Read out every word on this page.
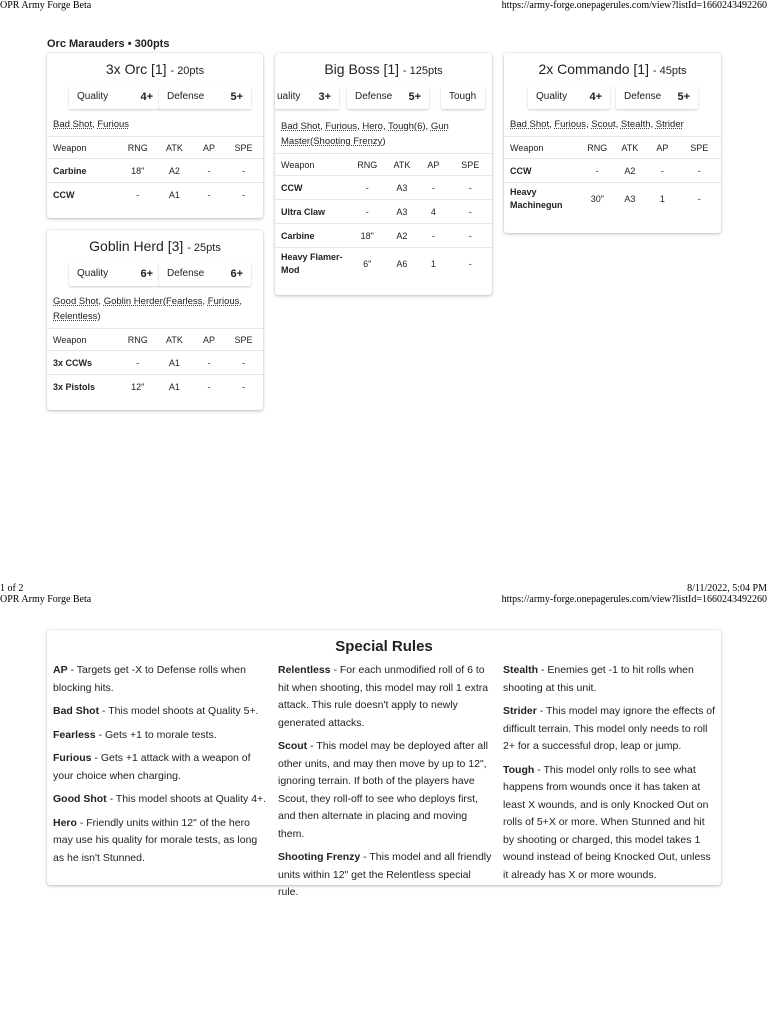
OPR Army Forge Beta	https://army-forge.onepagerules.com/view?listId=1660243492260
Orc Marauders • 300pts
3x Orc [1] - 20pts
Quality	4+ Defense 5+
Bad Shot, Furious
Weapon	RNG	ATK	AP	SPE
Carbine	18"	A2	-	-
CCW	-	A1	-	-
Big Boss [1] - 125pts
uality 3+ Defense 5+	Tough
Bad Shot, Furious, Hero, Tough(6), Gun Master(Shooting Frenzy)
Weapon	RNG	ATK	AP	SPE
CCW	-	A3	-	-
Ultra Claw	-	A3	4	-
Carbine	18"	A2	-	-
Heavy Flamer-Mod	6"	A6	1	-
2x Commando [1] - 45pts
Quality 4+ Defense 5+
Bad Shot, Furious, Scout, Stealth, Strider
Weapon	RNG	ATK	AP	SPE
CCW	-	A2	-	-
Heavy Machinegun	30"	A3	1	-
Goblin Herd [3] - 25pts
Quality	6+ Defense 6+
Good Shot, Goblin Herder(Fearless, Furious, Relentless)
Weapon	RNG	ATK	AP	SPE
3x CCWs	-	A1	-	-
3x Pistols	12"	A1	-	-
1 of 2	8/11/2022, 5:04 PM
OPR Army Forge Beta	https://army-forge.onepagerules.com/view?listId=1660243492260
Special Rules
AP - Targets get -X to Defense rolls when blocking hits.
Bad Shot - This model shoots at Quality 5+.
Fearless - Gets +1 to morale tests.
Furious - Gets +1 attack with a weapon of your choice when charging.
Good Shot - This model shoots at Quality 4+.
Hero - Friendly units within 12" of the hero may use his quality for morale tests, as long as he isn't Stunned.
Relentless - For each unmodified roll of 6 to hit when shooting, this model may roll 1 extra attack. This rule doesn't apply to newly generated attacks.
Scout - This model may be deployed after all other units, and may then move by up to 12", ignoring terrain. If both of the players have Scout, they roll-off to see who deploys first, and then alternate in placing and moving them.
Shooting Frenzy - This model and all friendly units within 12" get the Relentless special rule.
Stealth - Enemies get -1 to hit rolls when shooting at this unit.
Strider - This model may ignore the effects of difficult terrain. This model only needs to roll 2+ for a successful drop, leap or jump.
Tough - This model only rolls to see what happens from wounds once it has taken at least X wounds, and is only Knocked Out on rolls of 5+X or more. When Stunned and hit by shooting or charged, this model takes 1 wound instead of being Knocked Out, unless it already has X or more wounds.
